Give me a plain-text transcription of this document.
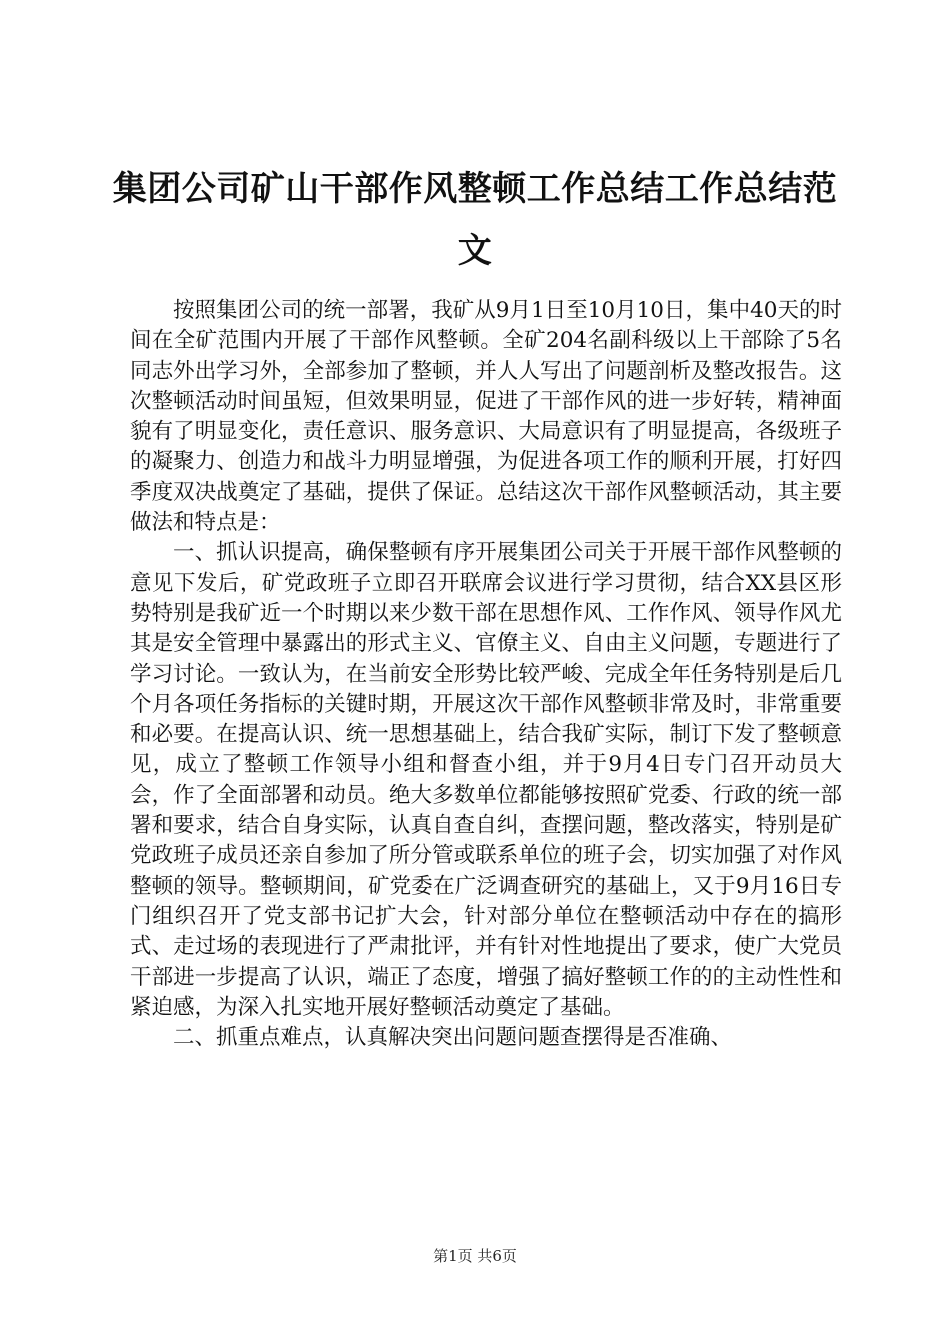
集团公司矿山干部作风整顿工作总结工作总结范文

按照集团公司的统一部署，我矿从9月1日至10月10日，集中40天的时间在全矿范围内开展了干部作风整顿。全矿204名副科级以上干部除了5名同志外出学习外，全部参加了整顿，并人人写出了问题剖析及整改报告。这次整顿活动时间虽短，但效果明显，促进了干部作风的进一步好转，精神面貌有了明显变化，责任意识、服务意识、大局意识有了明显提高，各级班子的凝聚力、创造力和战斗力明显增强，为促进各项工作的顺利开展，打好四季度双决战奠定了基础，提供了保证。总结这次干部作风整顿活动，其主要做法和特点是：

一、抓认识提高，确保整顿有序开展集团公司关于开展干部作风整顿的意见下发后，矿党政班子立即召开联席会议进行学习贯彻，结合XX县区形势特别是我矿近一个时期以来少数干部在思想作风、工作作风、领导作风尤其是安全管理中暴露出的形式主义、官僚主义、自由主义问题，专题进行了学习讨论。一致认为，在当前安全形势比较严峻、完成全年任务特别是后几个月各项任务指标的关键时期，开展这次干部作风整顿非常及时，非常重要和必要。在提高认识、统一思想基础上，结合我矿实际，制订下发了整顿意见，成立了整顿工作领导小组和督查小组，并于9月4日专门召开动员大会，作了全面部署和动员。绝大多数单位都能够按照矿党委、行政的统一部署和要求，结合自身实际，认真自查自纠，查摆问题，整改落实，特别是矿党政班子成员还亲自参加了所分管或联系单位的班子会，切实加强了对作风整顿的领导。整顿期间，矿党委在广泛调查研究的基础上，又于9月16日专门组织召开了党支部书记扩大会，针对部分单位在整顿活动中存在的搞形式、走过场的表现进行了严肃批评，并有针对性地提出了要求，使广大党员干部进一步提高了认识，端正了态度，增强了搞好整顿工作的的主动性性和紧迫感，为深入扎实地开展好整顿活动奠定了基础。

二、抓重点难点，认真解决突出问题问题查摆得是否准确、

第1页 共6页
